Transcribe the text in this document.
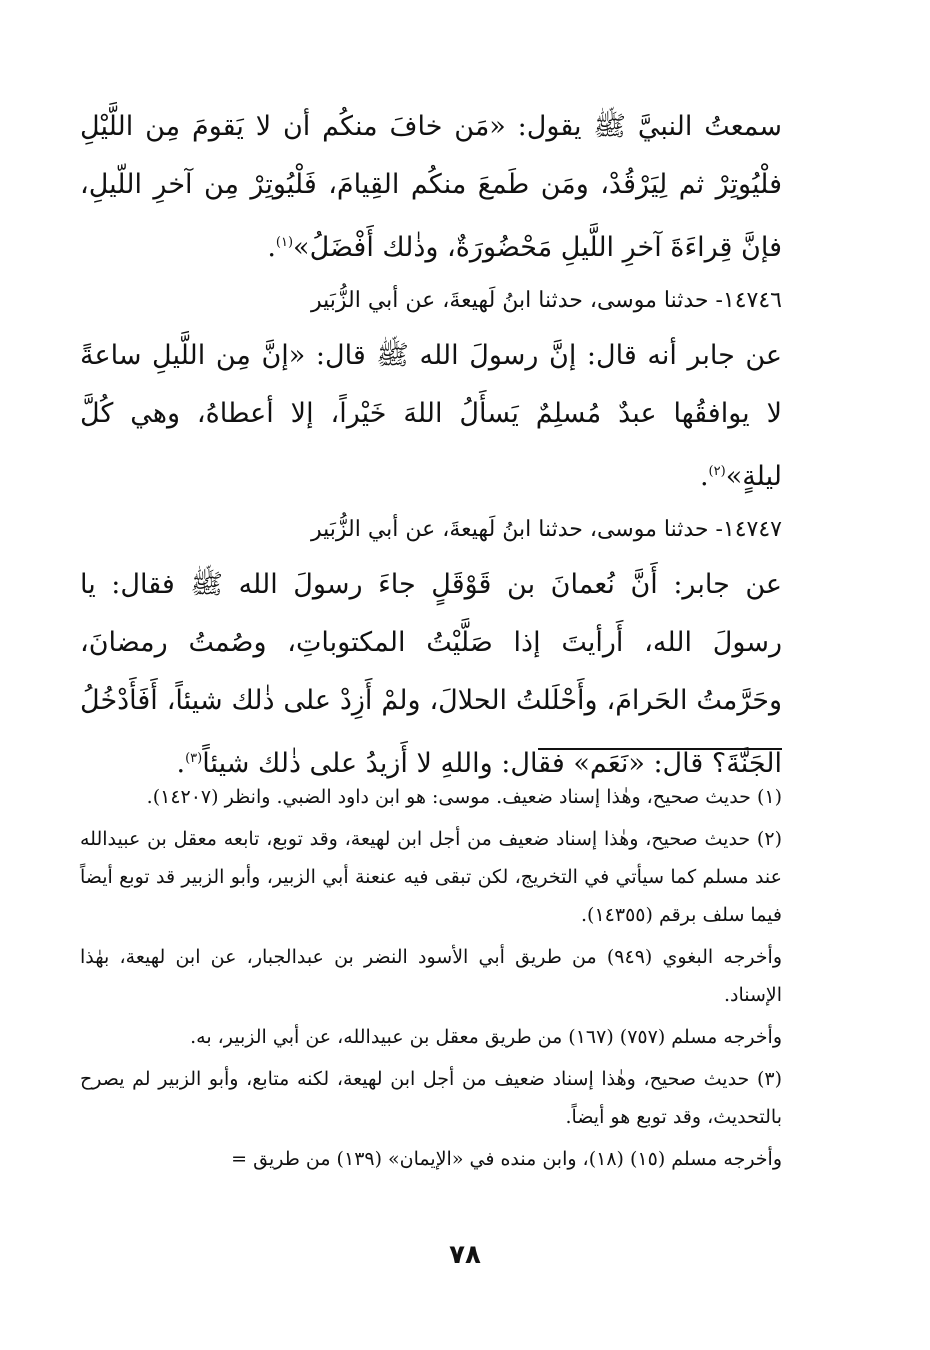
سمعتُ النبيَّ ﷺ يقول: «مَن خافَ منكُم أن لا يَقومَ مِن اللَّيْلِ فلْيُوتِرْ ثم لِيَرْقُدْ، ومَن طَمعَ منكُم القِيامَ، فَلْيُوتِرْ مِن آخرِ اللّيلِ، فإنَّ قِراءَةَ آخرِ اللَّيلِ مَحْضُورَةٌ، وذٰلك أَفْضَلُ»$^{(١)}$.

١٤٧٤٦- حدثنا موسى، حدثنا ابنُ لَهيعةَ، عن أبي الزُّبَير

عن جابر أنه قال: إنَّ رسولَ الله ﷺ قال: «إنَّ مِن اللَّيلِ ساعةً لا يوافقُها عبدٌ مُسلِمٌ يَسأَلُ اللهَ خَيْراً، إلا أعطاهُ، وهي كُلَّ ليلةٍ»$^{(٢)}$.

١٤٧٤٧- حدثنا موسى، حدثنا ابنُ لَهيعةَ، عن أبي الزُّبَير

عن جابر: أَنَّ نُعمانَ بن قَوْقَلٍ جاءَ رسولَ الله ﷺ فقال: يا رسولَ الله، أَرأيتَ إذا صَلَّيْتُ المكتوباتِ، وصُمتُ رمضانَ، وحَرَّمتُ الحَرامَ، وأَحْلَلتُ الحلالَ، ولمْ أَزِدْ على ذٰلك شيئاً، أَفَأَدْخُلُ الجَنَّةَ؟ قال: «نَعَم» فقال: واللهِ لا أَزيدُ على ذٰلك شيئاً$^{(٣)}$.

(١) حديث صحيح، وهٰذا إسناد ضعيف. موسى: هو ابن داود الضبي. وانظر (١٤٢٠٧).

(٢) حديث صحيح، وهٰذا إسناد ضعيف من أجل ابن لهيعة، وقد توبع، تابعه معقل بن عبيدالله عند مسلم كما سيأتي في التخريج، لكن تبقى فيه عنعنة أبي الزبير، وأبو الزبير قد توبع أيضاً فيما سلف برقم (١٤٣٥٥).

وأخرجه البغوي (٩٤٩) من طريق أبي الأسود النضر بن عبدالجبار، عن ابن لهيعة، بهٰذا الإسناد.

وأخرجه مسلم (٧٥٧) (١٦٧) من طريق معقل بن عبيدالله، عن أبي الزبير، به.

(٣) حديث صحيح، وهٰذا إسناد ضعيف من أجل ابن لهيعة، لكنه متابع، وأبو الزبير لم يصرح بالتحديث، وقد توبع هو أيضاً.

وأخرجه مسلم (١٥) (١٨)، وابن منده في «الإيمان» (١٣٩) من طريق =

٧٨
